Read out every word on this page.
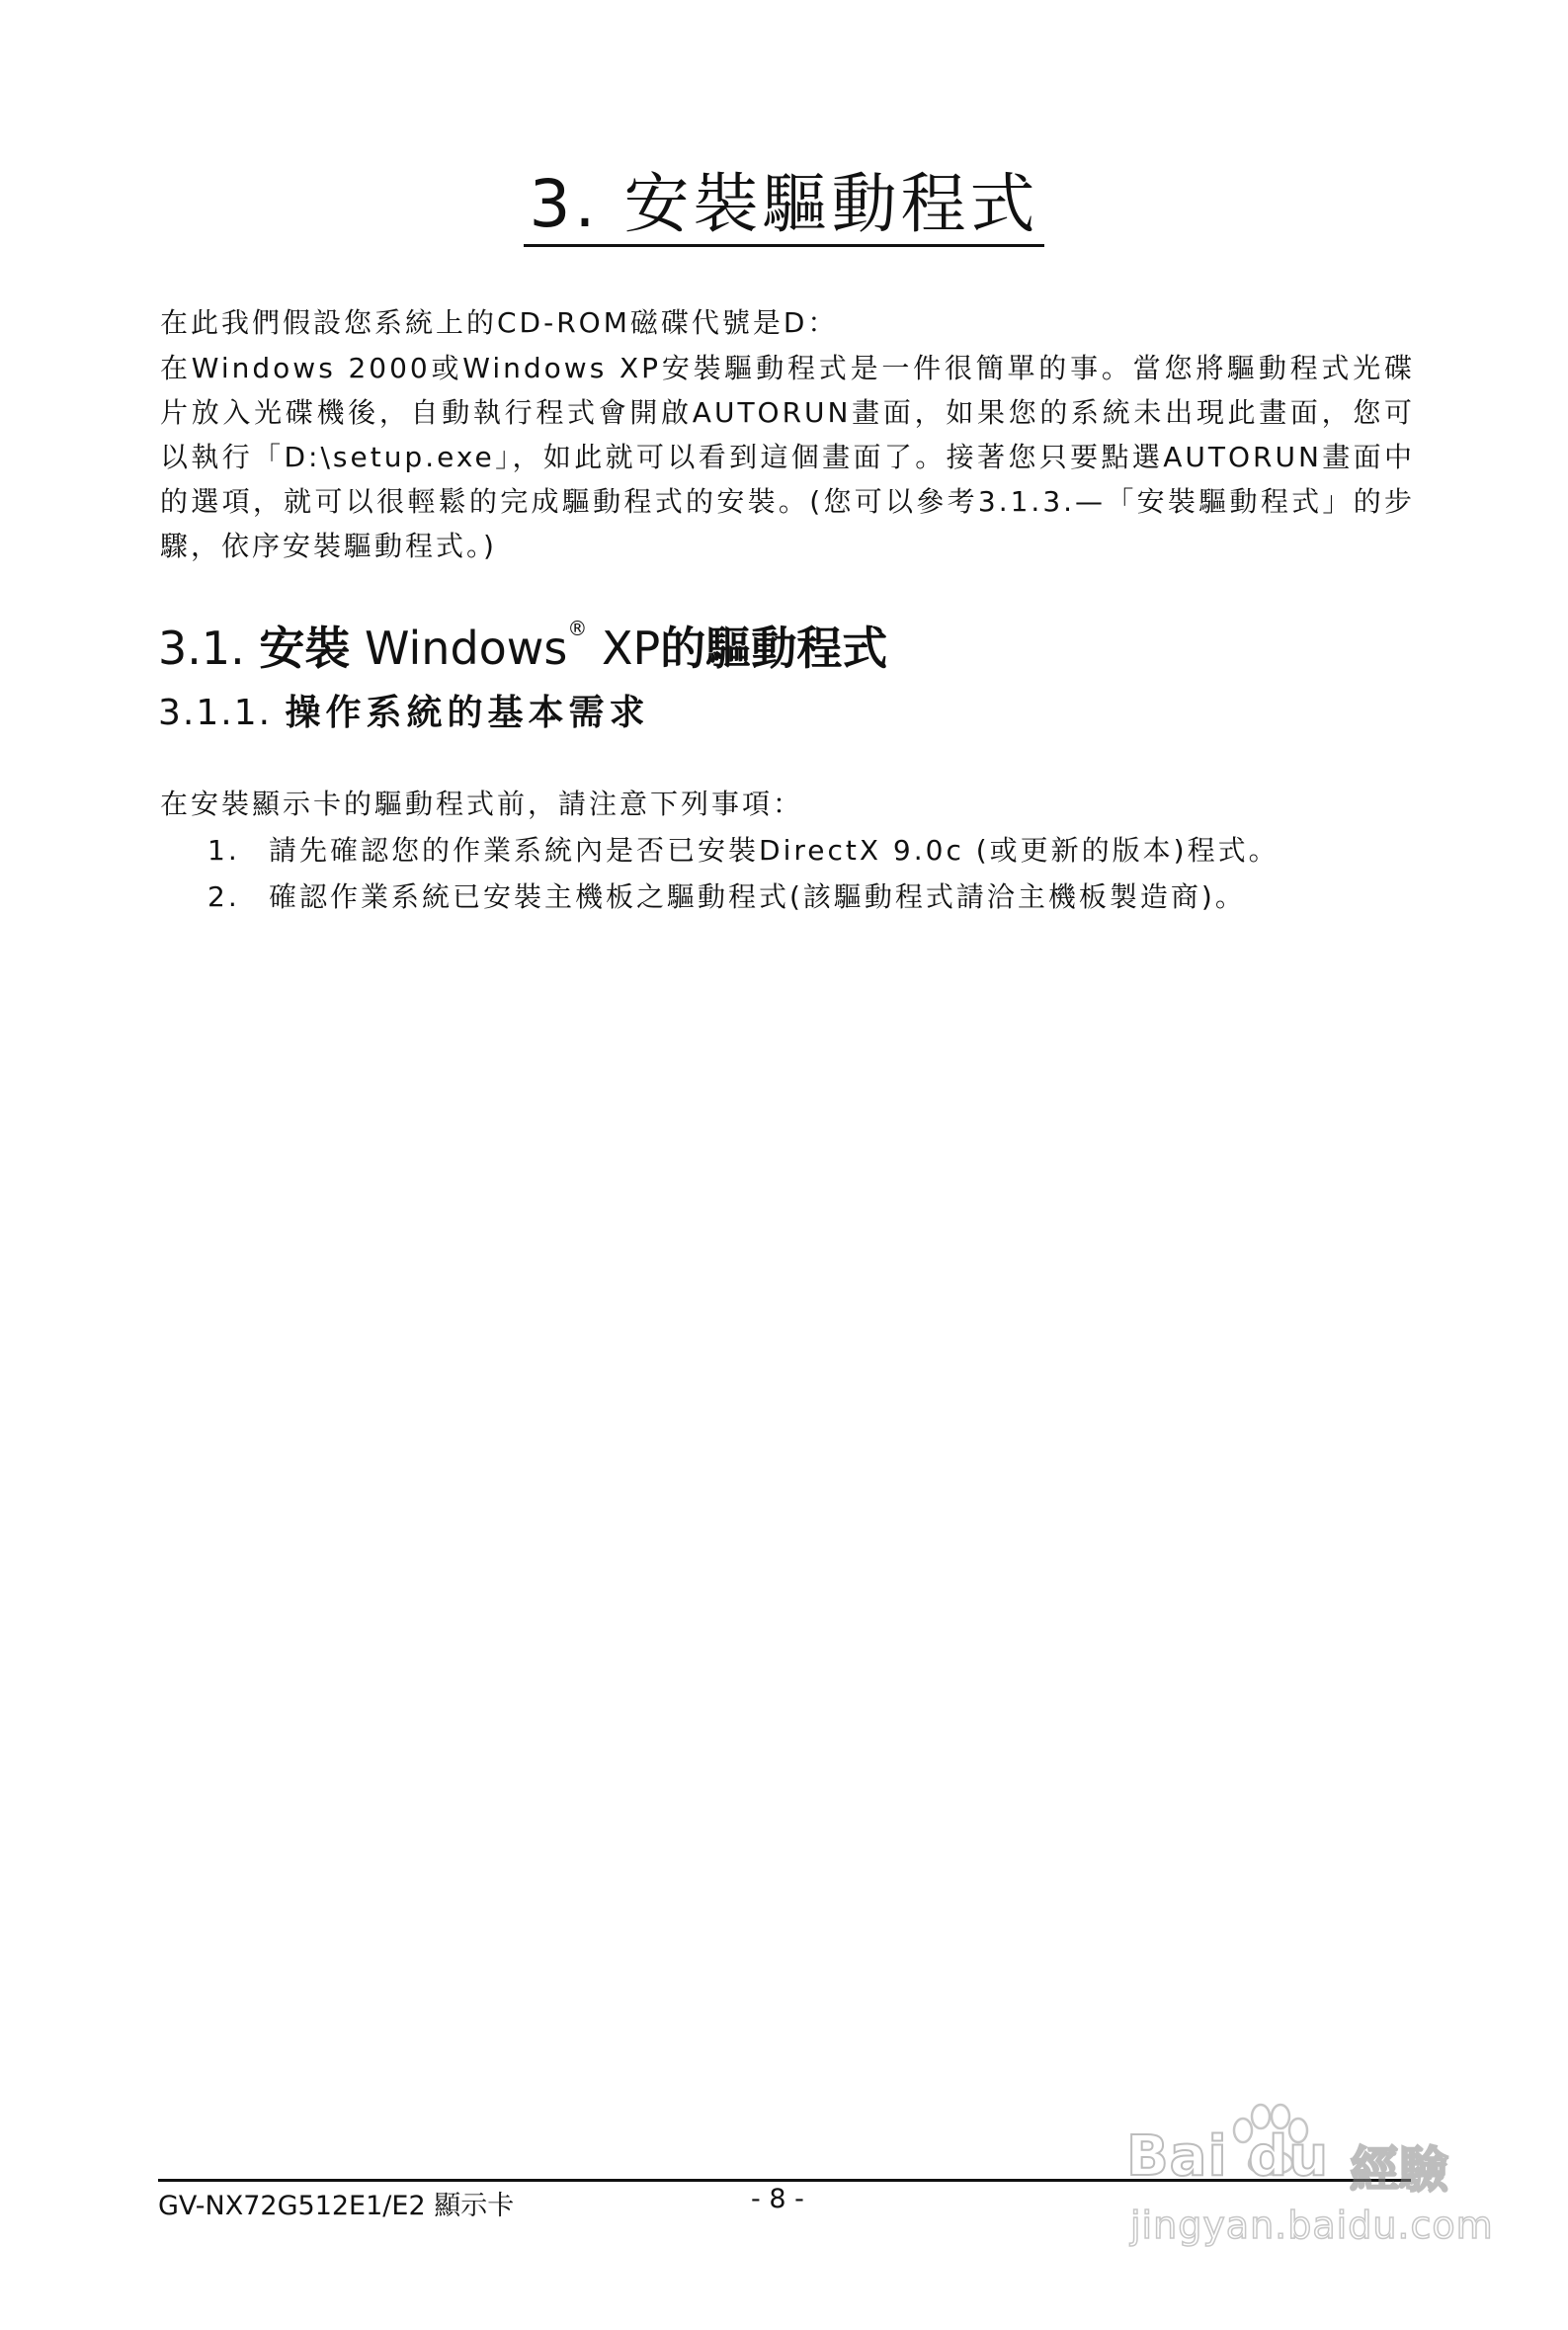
3. 安裝驅動程式

在此我們假設您系統上的CD-ROM磁碟代號是D：

在Windows 2000或Windows XP安裝驅動程式是一件很簡單的事。當您將驅動程式光碟片放入光碟機後，自動執行程式會開啟AUTORUN畫面，如果您的系統未出現此畫面，您可以執行「D:\setup.exe」，如此就可以看到這個畫面了。接著您只要點選AUTORUN畫面中的選項，就可以很輕鬆的完成驅動程式的安裝。(您可以參考3.1.3.—「安裝驅動程式」的步驟，依序安裝驅動程式。)

3.1. 安裝 Windows® XP的驅動程式
3.1.1. 操作系統的基本需求

在安裝顯示卡的驅動程式前，請注意下列事項：

1.	請先確認您的作業系統內是否已安裝DirectX 9.0c (或更新的版本)程式。
2.	確認作業系統已安裝主機板之驅動程式(該驅動程式請洽主機板製造商)。

GV-NX72G512E1/E2 顯示卡	- 8 -

Bai du 經驗
jingyan.baidu.com
